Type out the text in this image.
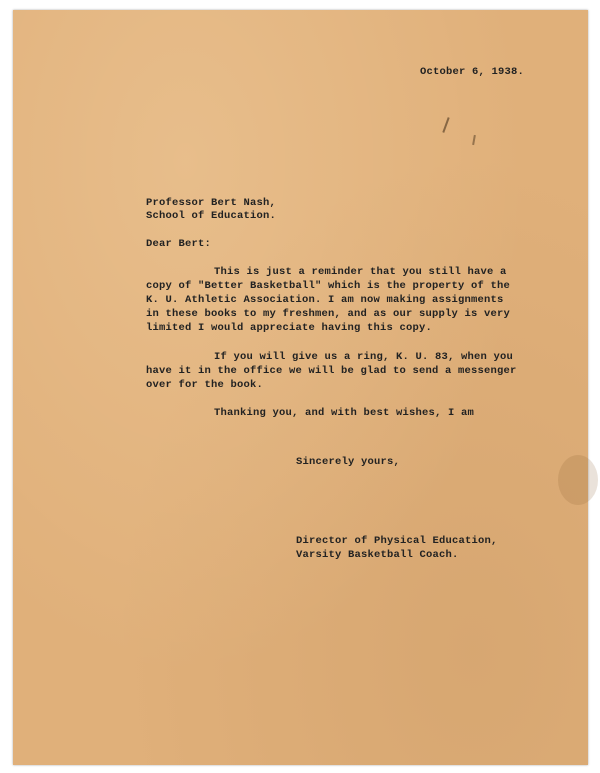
October 6, 1938.

Professor Bert Nash,

School of Education.

Dear Bert:

This is just a reminder that you still have a

copy of "Better Basketball" which is the property of the

K. U. Athletic Association. I am now making assignments

in these books to my freshmen, and as our supply is very

limited I would appreciate having this copy.

If you will give us a ring, K. U. 83, when you

have it in the office we will be glad to send a messenger

over for the book.

Thanking you, and with best wishes, I am

Sincerely yours,

Director of Physical Education,

Varsity Basketball Coach.
